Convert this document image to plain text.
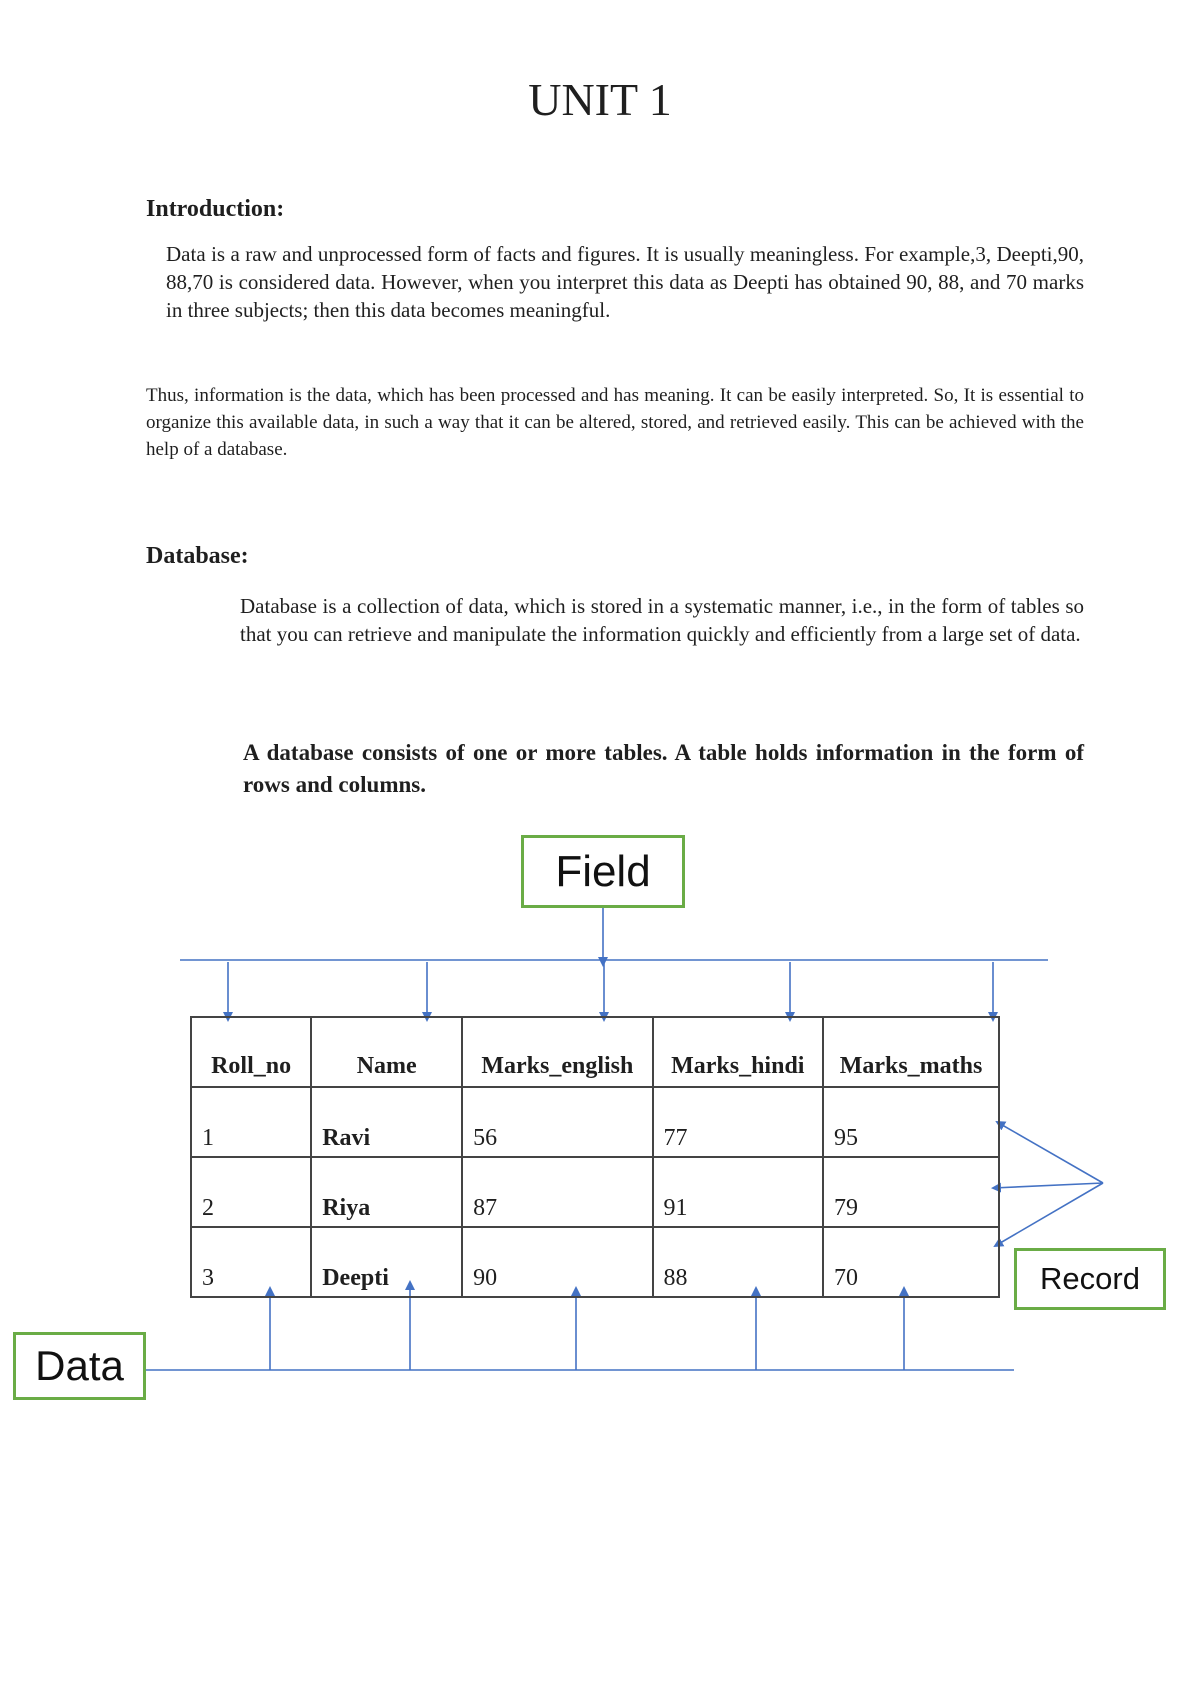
UNIT 1
Introduction:

Data is a raw and unprocessed form of facts and figures. It is usually meaningless. For example,3, Deepti,90, 88,70 is considered data. However, when you interpret this data as Deepti has obtained 90, 88, and 70 marks in three subjects; then this data becomes meaningful.

Thus, information is the data, which has been processed and has meaning. It can be easily interpreted. So, It is essential to organize this available data, in such a way that it can be altered, stored, and retrieved easily. This can be achieved with the help of a database.

Database:

Database is a collection of data, which is stored in a systematic manner, i.e., in the form of tables so that you can retrieve and manipulate the information quickly and efficiently from a large set of data.

A database consists of one or more tables. A table holds information in the form of rows and columns.

Roll_no	Name	Marks_english	Marks_hindi	Marks_maths
1	Ravi	56	77	95
2	Riya	87	91	79
3	Deepti	90	88	70
Field
Record
Data
